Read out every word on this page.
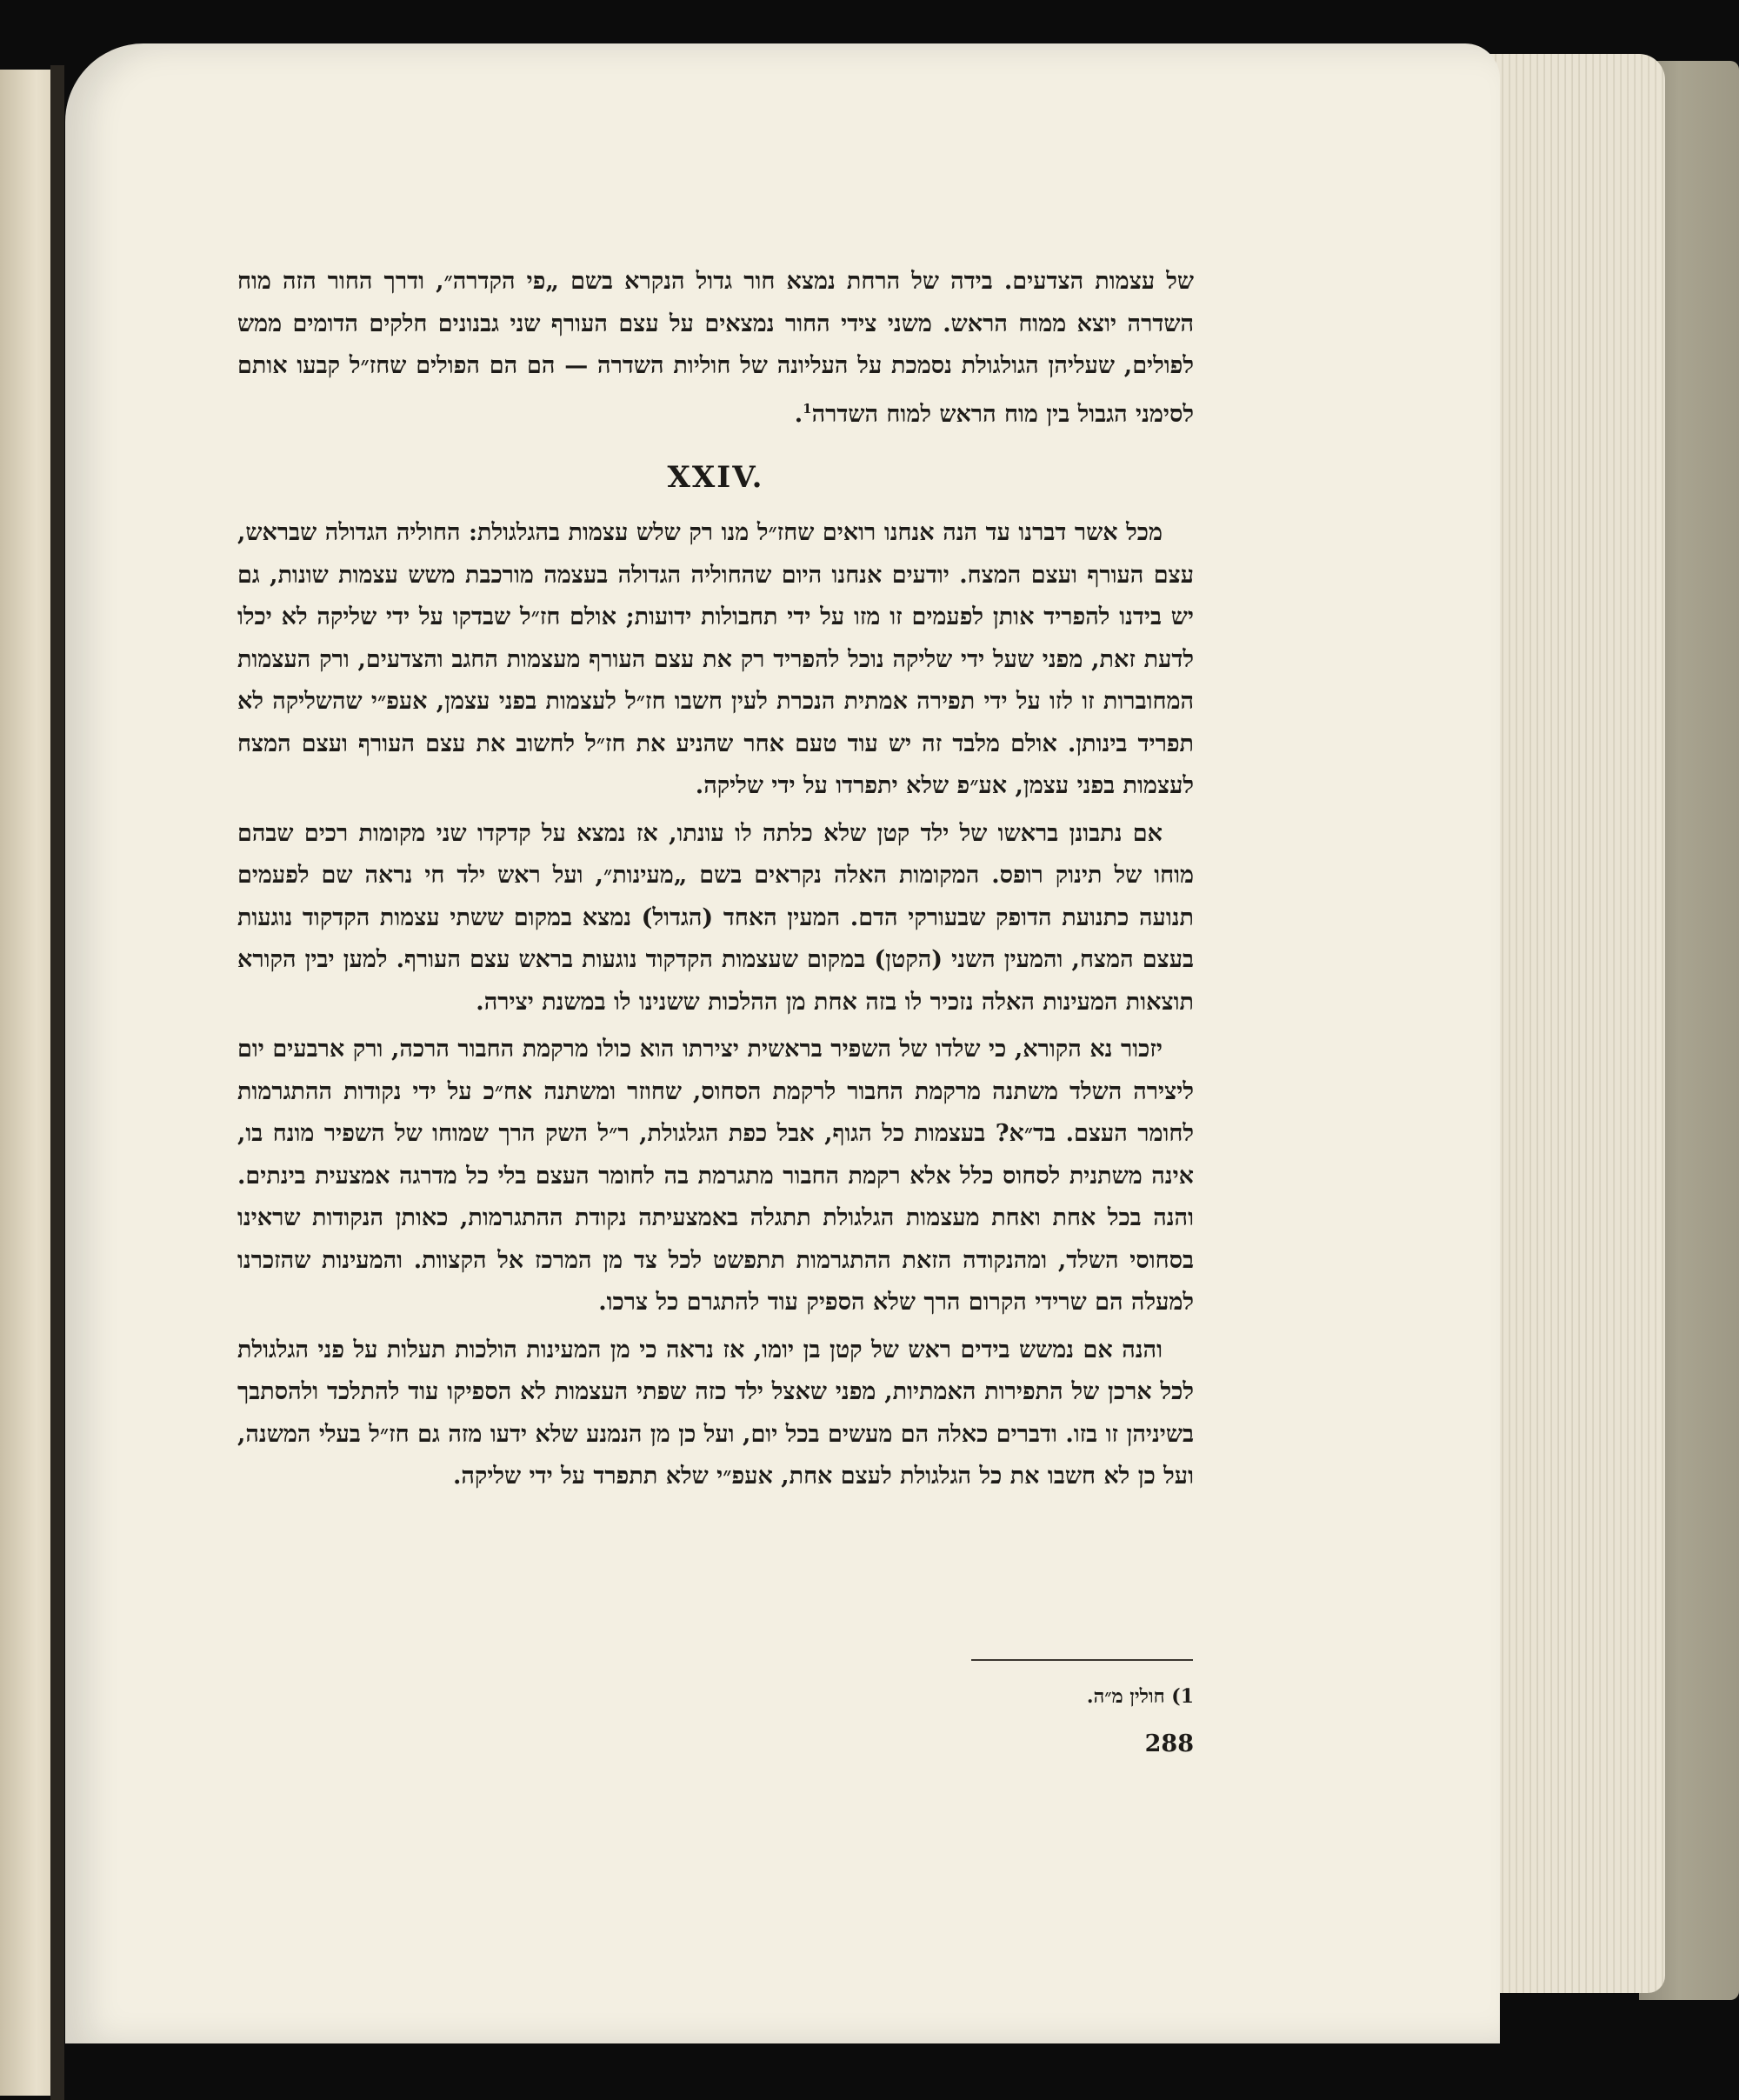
של עצמות הצדעים. בידה של הרחת נמצא חור גדול הנקרא בשם „פי הקדרה״, ודרך החור הזה מוח השדרה יוצא ממוח הראש. משני צידי החור נמצאים על עצם העורף שני גבנונים חלקים הדומים ממש לפולים, שעליהן הגולגולת נסמכת על העליונה של חוליות השדרה — הם הם הפולים שחז״ל קבעו אותם לסימני הגבול בין מוח הראש למוח השדרה$^1$.

XXIV.

מכל אשר דברנו עד הנה אנחנו רואים שחז״ל מנו רק שלש עצמות בהגלגולת: החוליה הגדולה שבראש, עצם העורף ועצם המצח. יודעים אנחנו היום שהחוליה הגדולה בעצמה מורכבת משש עצמות שונות, גם יש בידנו להפריד אותן לפעמים זו מזו על ידי תחבולות ידועות; אולם חז״ל שבדקו על ידי שליקה לא יכלו לדעת זאת, מפני שעל ידי שליקה נוכל להפריד רק את עצם העורף מעצמות החגב והצדעים, ורק העצמות המחוברות זו לזו על ידי תפירה אמתית הנכרת לעין חשבו חז״ל לעצמות בפני עצמן, אעפ״י שהשליקה לא תפריד בינותן. אולם מלבד זה יש עוד טעם אחר שהניע את חז״ל לחשוב את עצם העורף ועצם המצח לעצמות בפני עצמן, אע״פ שלא יתפרדו על ידי שליקה.

אם נתבונן בראשו של ילד קטן שלא כלתה לו עונתו, אז נמצא על קדקדו שני מקומות רכים שבהם מוחו של תינוק רופס. המקומות האלה נקראים בשם „מעינות״, ועל ראש ילד חי נראה שם לפעמים תנועה כתנועת הדופק שבעורקי הדם. המעין האחד (הגדול) נמצא במקום ששתי עצמות הקדקוד נוגעות בעצם המצח, והמעין השני (הקטן) במקום שעצמות הקדקוד נוגעות בראש עצם העורף. למען יבין הקורא תוצאות המעינות האלה נזכיר לו בזה אחת מן ההלכות ששנינו לו במשנת יצירה.

יזכור נא הקורא, כי שלדו של השפיר בראשית יצירתו הוא כולו מרקמת החבור הרכה, ורק ארבעים יום ליצירה השלד משתנה מרקמת החבור לרקמת הסחוס, שחוזר ומשתנה אח״כ על ידי נקודות ההתגרמות לחומר העצם. בד״א? בעצמות כל הגוף, אבל כפת הגלגולת, ר״ל השק הרך שמוחו של השפיר מונח בו, אינה משתנית לסחוס כלל אלא רקמת החבור מתגרמת בה לחומר העצם בלי כל מדרגה אמצעית בינתים. והנה בכל אחת ואחת מעצמות הגלגולת תתגלה באמצעיתה נקודת ההתגרמות, כאותן הנקודות שראינו בסחוסי השלד, ומהנקודה הזאת ההתגרמות תתפשט לכל צד מן המרכז אל הקצוות. והמעינות שהזכרנו למעלה הם שרידי הקרום הרך שלא הספיק עוד להתגרם כל צרכו.

והנה אם נמשש בידים ראש של קטן בן יומו, אז נראה כי מן המעינות הולכות תעלות על פני הגלגולת לכל ארכן של התפירות האמתיות, מפני שאצל ילד כזה שפתי העצמות לא הספיקו עוד להתלכד ולהסתבך בשיניהן זו בזו. ודברים כאלה הם מעשים בכל יום, ועל כן מן הנמנע שלא ידעו מזה גם חז״ל בעלי המשנה, ועל כן לא חשבו את כל הגלגולת לעצם אחת, אעפ״י שלא תתפרד על ידי שליקה.

1) חולין מ״ה.
288
